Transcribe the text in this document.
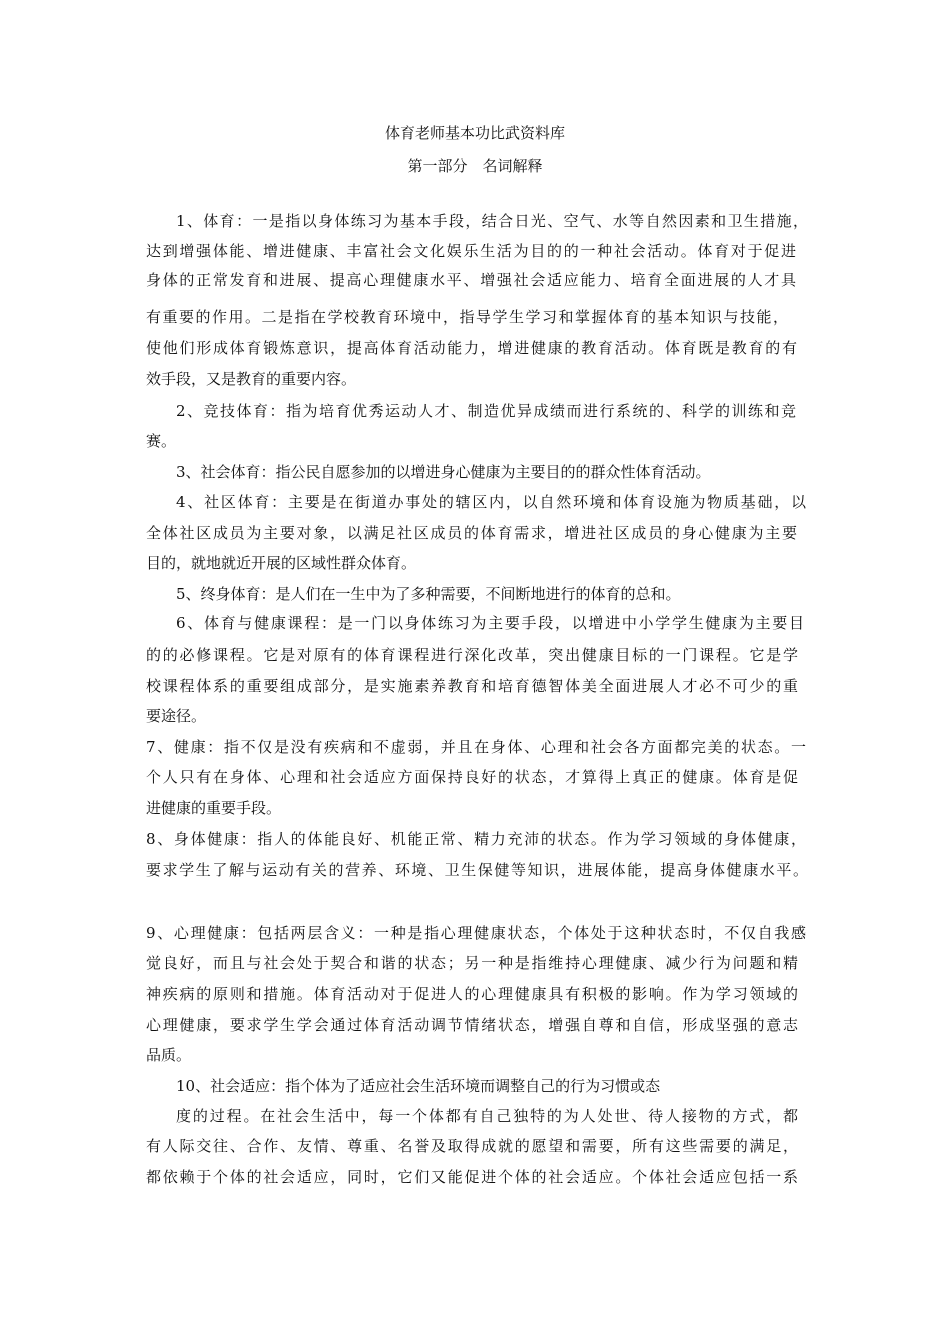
体育老师基本功比武资料库
第一部分　名词解释
1、体育：一是指以身体练习为基本手段，结合日光、空气、水等自然因素和卫生措施，
达到增强体能、增进健康、丰富社会文化娱乐生活为目的的一种社会活动。体育对于促进
身体的正常发育和进展、提高心理健康水平、增强社会适应能力、培育全面进展的人才具
有重要的作用。二是指在学校教育环境中，指导学生学习和掌握体育的基本知识与技能，
使他们形成体育锻炼意识，提高体育活动能力，增进健康的教育活动。体育既是教育的有
效手段，又是教育的重要内容。
2、竞技体育：指为培育优秀运动人才、制造优异成绩而进行系统的、科学的训练和竞
赛。
3、社会体育：指公民自愿参加的以增进身心健康为主要目的的群众性体育活动。
4、社区体育：主要是在街道办事处的辖区内，以自然环境和体育设施为物质基础，以
全体社区成员为主要对象，以满足社区成员的体育需求，增进社区成员的身心健康为主要
目的，就地就近开展的区域性群众体育。
5、终身体育：是人们在一生中为了多种需要，不间断地进行的体育的总和。
6、体育与健康课程：是一门以身体练习为主要手段，以增进中小学学生健康为主要目
的的必修课程。它是对原有的体育课程进行深化改革，突出健康目标的一门课程。它是学
校课程体系的重要组成部分，是实施素养教育和培育德智体美全面进展人才必不可少的重
要途径。
7、健康：指不仅是没有疾病和不虚弱，并且在身体、心理和社会各方面都完美的状态。一
个人只有在身体、心理和社会适应方面保持良好的状态，才算得上真正的健康。体育是促
进健康的重要手段。
8、身体健康：指人的体能良好、机能正常、精力充沛的状态。作为学习领域的身体健康，
要求学生了解与运动有关的营养、环境、卫生保健等知识，进展体能，提高身体健康水平。
9、心理健康：包括两层含义：一种是指心理健康状态，个体处于这种状态时，不仅自我感
觉良好，而且与社会处于契合和谐的状态；另一种是指维持心理健康、减少行为问题和精
神疾病的原则和措施。体育活动对于促进人的心理健康具有积极的影响。作为学习领域的
心理健康，要求学生学会通过体育活动调节情绪状态，增强自尊和自信，形成坚强的意志
品质。
10、社会适应：指个体为了适应社会生活环境而调整自己的行为习惯或态
度的过程。在社会生活中，每一个体都有自己独特的为人处世、待人接物的方式，都
有人际交往、合作、友情、尊重、名誉及取得成就的愿望和需要，所有这些需要的满足，
都依赖于个体的社会适应，同时，它们又能促进个体的社会适应。个体社会适应包括一系
